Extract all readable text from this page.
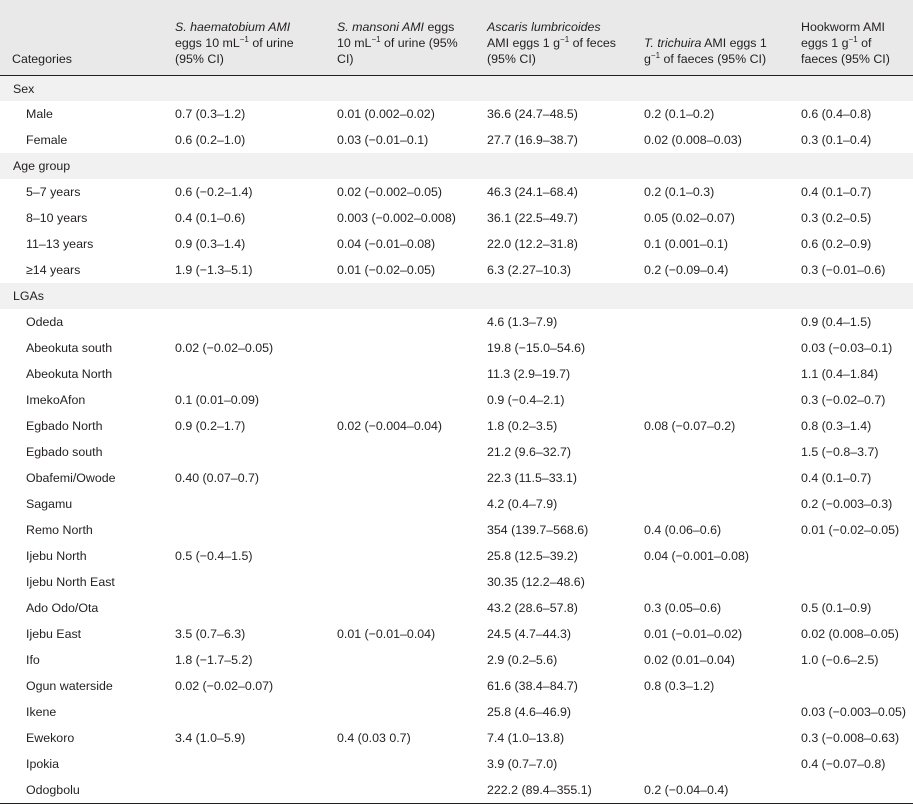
Categories	S. haematobium AMI eggs 10 $mL^{-1}$ of urine (95% CI)	S. mansoni AMI eggs 10 $mL^{-1}$ of urine (95% CI)	Ascaris lumbricoides AMI eggs 1 $g^{-1}$ of feces (95% CI)	T. trichuira AMI eggs 1 $g^{-1}$ of faeces (95% CI)	Hookworm AMI eggs 1 $g^{-1}$ of faeces (95% CI)

Sex					
Male	0.7 (0.3–1.2)	0.01 (0.002–0.02)	36.6 (24.7–48.5)	0.2 (0.1–0.2)	0.6 (0.4–0.8)
Female	0.6 (0.2–1.0)	0.03 (−0.01–0.1)	27.7 (16.9–38.7)	0.02 (0.008–0.03)	0.3 (0.1–0.4)
Age group					
5–7 years	0.6 (−0.2–1.4)	0.02 (−0.002–0.05)	46.3 (24.1–68.4)	0.2 (0.1–0.3)	0.4 (0.1–0.7)
8–10 years	0.4 (0.1–0.6)	0.003 (−0.002–0.008)	36.1 (22.5–49.7)	0.05 (0.02–0.07)	0.3 (0.2–0.5)
11–13 years	0.9 (0.3–1.4)	0.04 (−0.01–0.08)	22.0 (12.2–31.8)	0.1 (0.001–0.1)	0.6 (0.2–0.9)
≥14 years	1.9 (−1.3–5.1)	0.01 (−0.02–0.05)	6.3 (2.27–10.3)	0.2 (−0.09–0.4)	0.3 (−0.01–0.6)
LGAs					
Odeda			4.6 (1.3–7.9)		0.9 (0.4–1.5)
Abeokuta south	0.02 (−0.02–0.05)		19.8 (−15.0–54.6)		0.03 (−0.03–0.1)
Abeokuta North			11.3 (2.9–19.7)		1.1 (0.4–1.84)
ImekoAfon	0.1 (0.01–0.09)		0.9 (−0.4–2.1)		0.3 (−0.02–0.7)
Egbado North	0.9 (0.2–1.7)	0.02 (−0.004–0.04)	1.8 (0.2–3.5)	0.08 (−0.07–0.2)	0.8 (0.3–1.4)
Egbado south			21.2 (9.6–32.7)		1.5 (−0.8–3.7)
Obafemi/Owode	0.40 (0.07–0.7)		22.3 (11.5–33.1)		0.4 (0.1–0.7)
Sagamu			4.2 (0.4–7.9)		0.2 (−0.003–0.3)
Remo North			354 (139.7–568.6)	0.4 (0.06–0.6)	0.01 (−0.02–0.05)
Ijebu North	0.5 (−0.4–1.5)		25.8 (12.5–39.2)	0.04 (−0.001–0.08)	
Ijebu North East			30.35 (12.2–48.6)		
Ado Odo/Ota			43.2 (28.6–57.8)	0.3 (0.05–0.6)	0.5 (0.1–0.9)
Ijebu East	3.5 (0.7–6.3)	0.01 (−0.01–0.04)	24.5 (4.7–44.3)	0.01 (−0.01–0.02)	0.02 (0.008–0.05)
Ifo	1.8 (−1.7–5.2)		2.9 (0.2–5.6)	0.02 (0.01–0.04)	1.0 (−0.6–2.5)
Ogun waterside	0.02 (−0.02–0.07)		61.6 (38.4–84.7)	0.8 (0.3–1.2)	
Ikene			25.8 (4.6–46.9)		0.03 (−0.003–0.05)
Ewekoro	3.4 (1.0–5.9)	0.4 (0.03 0.7)	7.4 (1.0–13.8)		0.3 (−0.008–0.63)
Ipokia			3.9 (0.7–7.0)		0.4 (−0.07–0.8)
Odogbolu			222.2 (89.4–355.1)	0.2 (−0.04–0.4)	
